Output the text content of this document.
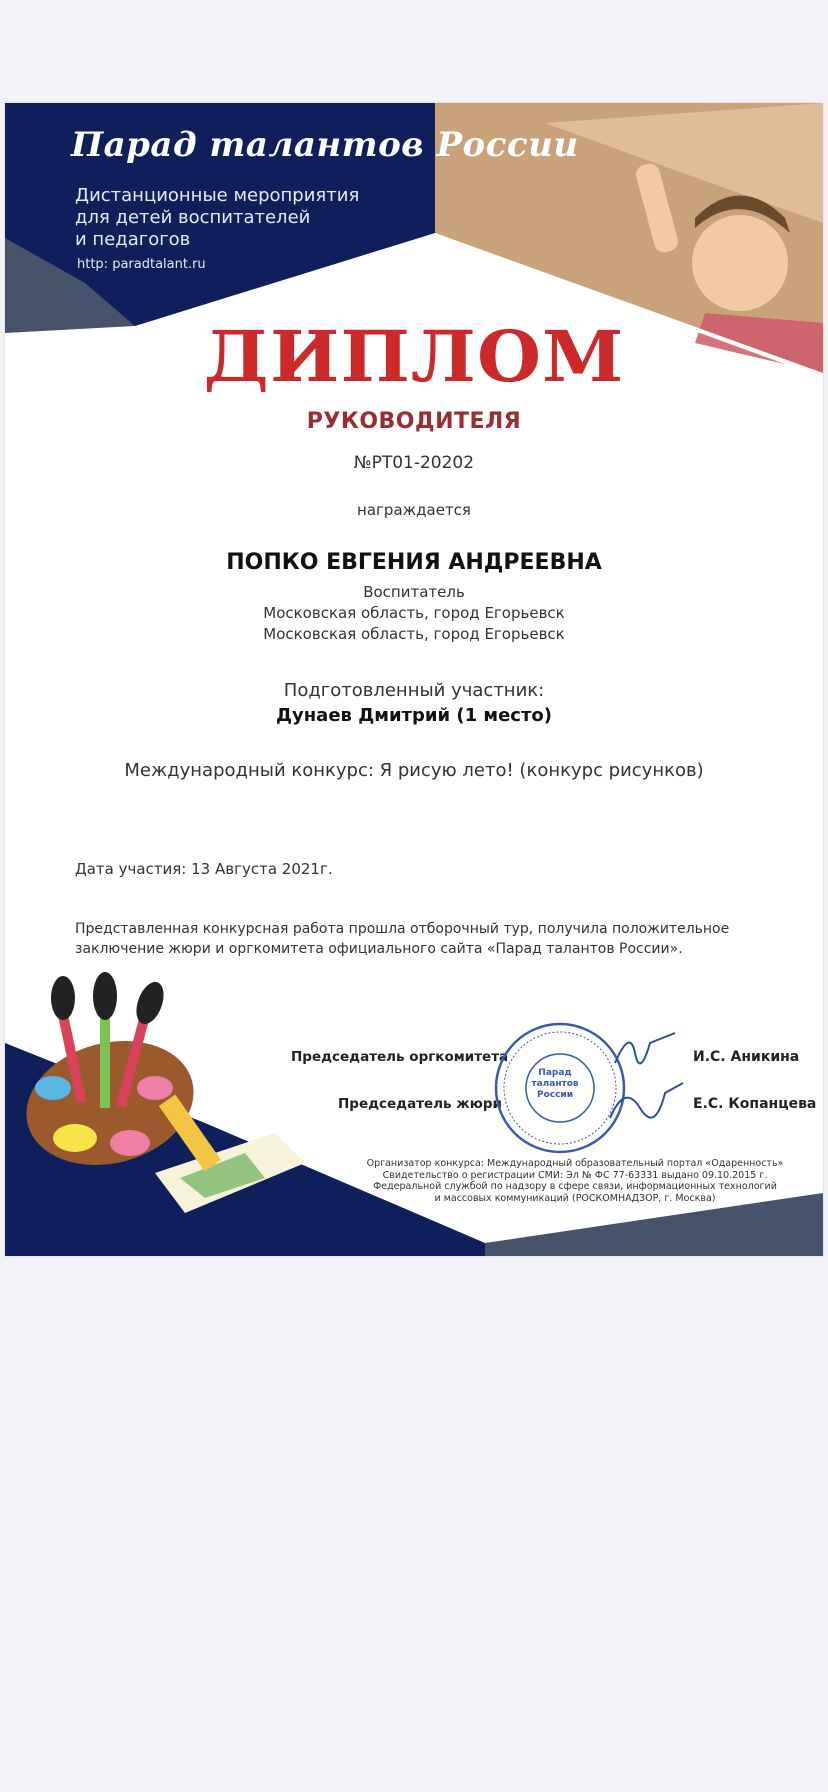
Парад талантов России
Дистанционные мероприятия
для детей воспитателей
и педагогов
http: paradtalant.ru
ДИПЛОМ
РУКОВОДИТЕЛЯ
№РТ01-20202
награждается
ПОПКО ЕВГЕНИЯ АНДРЕЕВНА
Воспитатель
Московская область, город Егорьевск
Московская область, город Егорьевск
Подготовленный участник:
Дунаев Дмитрий (1 место)
Международный конкурс: Я рисую лето! (конкурс рисунков)
Дата участия: 13 Августа 2021г.
Представленная конкурсная работа прошла отборочный тур, получила положительное заключение жюри и оргкомитета официального сайта «Парад талантов России».
Председатель оргкомитета
Председатель жюри
И.С. Аникина
Е.С. Копанцева
Парад
талантов
России
Организатор конкурса: Международный образовательный портал «Одаренность»
Свидетельство о регистрации СМИ: Эл № ФС 77-63331 выдано 09.10.2015 г.
Федеральной службой по надзору в сфере связи, информационных технологий
и массовых коммуникаций (РОСКОМНАДЗОР, г. Москва)
